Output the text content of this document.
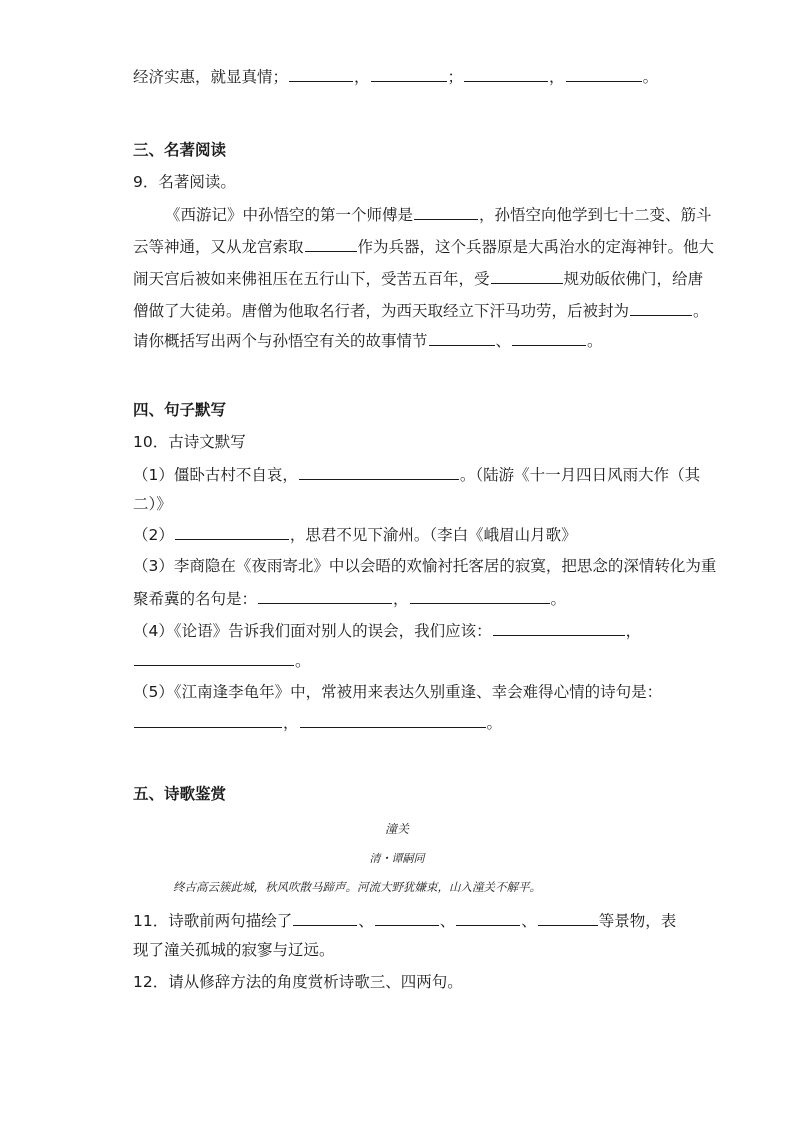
经济实惠，就显真情；	，	；	，	。
三、名著阅读
9．名著阅读。
《西游记》中孙悟空的第一个师傅是	，孙悟空向他学到七十二变、筋斗
云等神通，又从龙宫索取	作为兵器，这个兵器原是大禹治水的定海神针。他大
闹天宫后被如来佛祖压在五行山下，受苦五百年，受	规劝皈依佛门，给唐
僧做了大徒弟。唐僧为他取名行者，为西天取经立下汗马功劳，后被封为	。
请你概括写出两个与孙悟空有关的故事情节	、	。
四、句子默写
10．古诗文默写
（1）僵卧古村不自哀，	。（陆游《十一月四日风雨大作（其
二）》
（2）	，思君不见下渝州。（李白《峨眉山月歌》
（3）李商隐在《夜雨寄北》中以会晤的欢愉衬托客居的寂寞，把思念的深情转化为重
聚希冀的名句是：	，	。
（4）《论语》告诉我们面对别人的误会，我们应该：	，
。
（5）《江南逢李龟年》中，常被用来表达久别重逢、幸会难得心情的诗句是：
，	。
五、诗歌鉴赏
潼关
清・谭嗣同
终古高云簇此城，秋风吹散马蹄声。河流大野犹嫌束，山入潼关不解平。
11．诗歌前两句描绘了	、	、	、	等景物，表
现了潼关孤城的寂寥与辽远。
12．请从修辞方法的角度赏析诗歌三、四两句。
